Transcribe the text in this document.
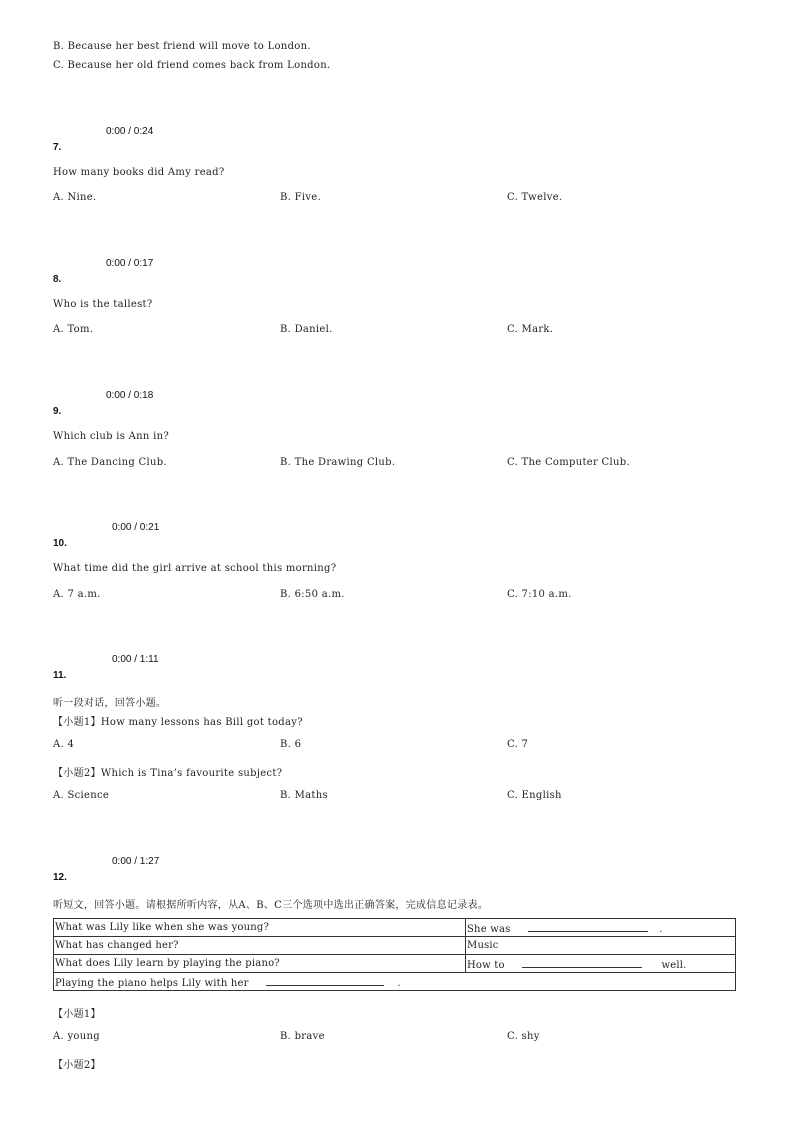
B. Because her best friend will move to London.
C. Because her old friend comes back from London.
0:00 / 0:24
7.
How many books did Amy read?
A. Nine.	B. Five.	C. Twelve.
0:00 / 0:17
8.
Who is the tallest?
A. Tom.	B. Daniel.	C. Mark.
0:00 / 0:18
9.
Which club is Ann in?
A. The Dancing Club.	B. The Drawing Club.	C. The Computer Club.
0:00 / 0:21
10.
What time did the girl arrive at school this morning?
A. 7 a.m.	B. 6:50 a.m.	C. 7:10 a.m.
0:00 / 1:11
11.
听一段对话，回答小题。
【小题1】How many lessons has Bill got today?
A. 4	B. 6	C. 7
【小题2】Which is Tina’s favourite subject?
A. Science	B. Maths	C. English
0:00 / 1:27
12.
听短文，回答小题。请根据所听内容，从A、B、C三个选项中选出正确答案，完成信息记录表。
What was Lily like when she was young?	She was .
What has changed her?	Music
What does Lily learn by playing the piano?	How to well.
Playing the piano helps Lily with her .	
【小题1】
A. young	B. brave	C. shy
【小题2】
